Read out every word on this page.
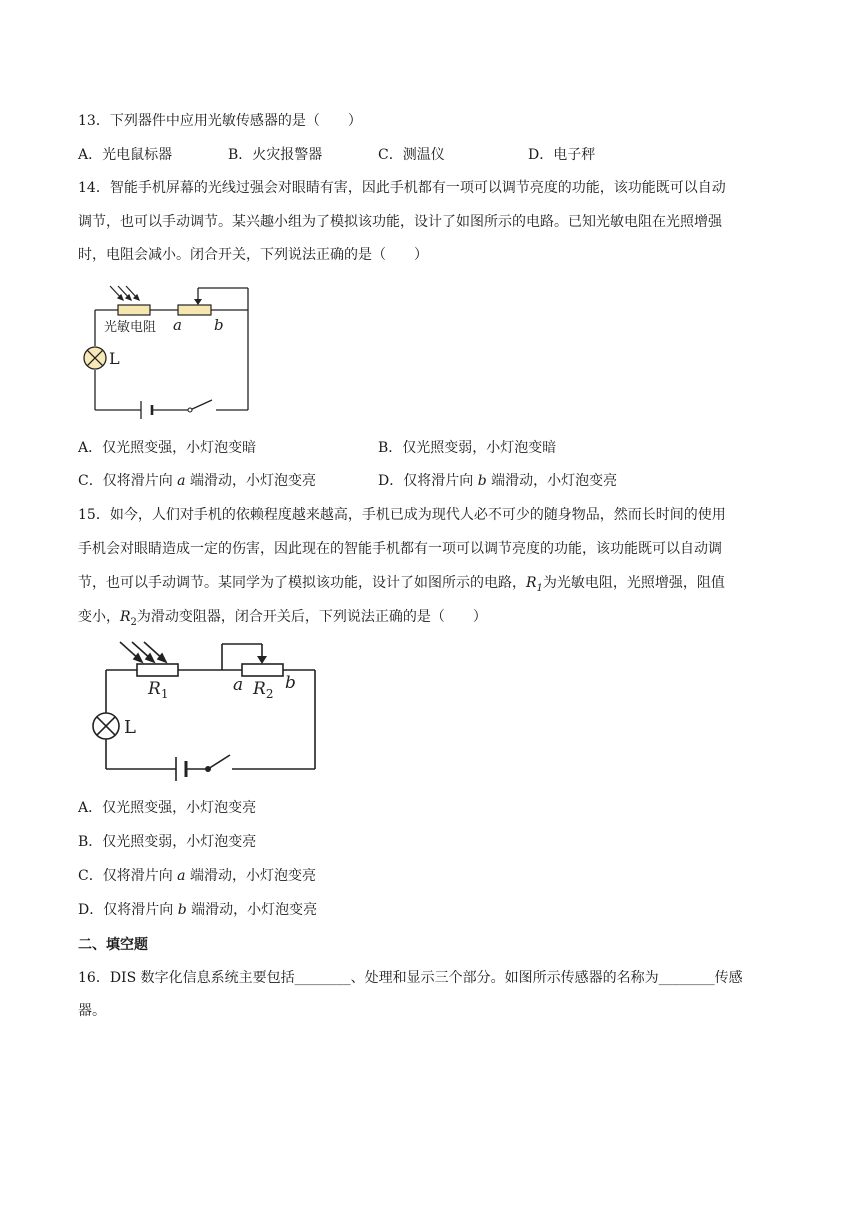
13．下列器件中应用光敏传感器的是（　　）
A．光电鼠标器	B．火灾报警器	C．测温仪	D．电子秤
14．智能手机屏幕的光线过强会对眼睛有害，因此手机都有一项可以调节亮度的功能，该功能既可以自动
调节，也可以手动调节。某兴趣小组为了模拟该功能，设计了如图所示的电路。已知光敏电阻在光照增强
时，电阻会减小。闭合开关，下列说法正确的是（　　）
光敏电阻 a b
L
A．仅光照变强，小灯泡变暗	B．仅光照变弱，小灯泡变暗
C．仅将滑片向 a 端滑动，小灯泡变亮	D．仅将滑片向 b 端滑动，小灯泡变亮
15．如今，人们对手机的依赖程度越来越高，手机已成为现代人必不可少的随身物品，然而长时间的使用
手机会对眼睛造成一定的伤害，因此现在的智能手机都有一项可以调节亮度的功能，该功能既可以自动调
节，也可以手动调节。某同学为了模拟该功能，设计了如图所示的电路，$R_1$为光敏电阻，光照增强，阻值
变小，$R_2$为滑动变阻器，闭合开关后，下列说法正确的是（　　）
$R_1$	a $R_2$
b
L
A．仅光照变强，小灯泡变亮
B．仅光照变弱，小灯泡变亮
C．仅将滑片向 a 端滑动，小灯泡变亮
D．仅将滑片向 b 端滑动，小灯泡变亮
二、填空题
16．DIS 数字化信息系统主要包括________、处理和显示三个部分。如图所示传感器的名称为________传感
器。
